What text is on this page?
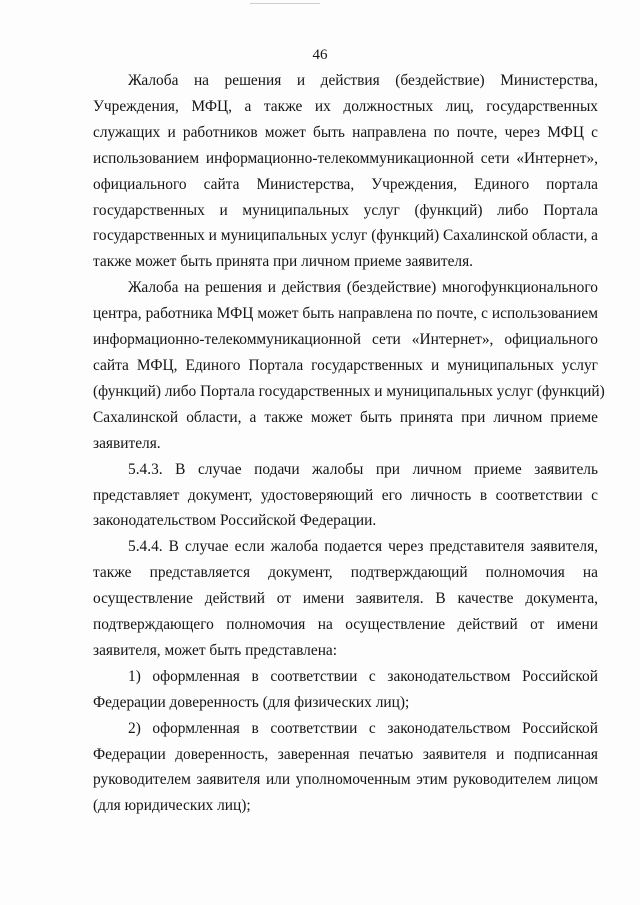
46
Жалоба на решения и действия (бездействие) Министерства,
Учреждения, МФЦ, а также их должностных лиц, государственных
служащих и работников может быть направлена по почте, через МФЦ с
использованием информационно-телекоммуникационной сети «Интернет»,
официального сайта Министерства, Учреждения, Единого портала
государственных и муниципальных услуг (функций) либо Портала
государственных и муниципальных услуг (функций) Сахалинской области, а
также может быть принята при личном приеме заявителя.
Жалоба на решения и действия (бездействие) многофункционального
центра, работника МФЦ может быть направлена по почте, с использованием
информационно-телекоммуникационной сети «Интернет», официального
сайта МФЦ, Единого Портала государственных и муниципальных услуг
(функций) либо Портала государственных и муниципальных услуг (функций)
Сахалинской области, а также может быть принята при личном приеме
заявителя.
5.4.3. В случае подачи жалобы при личном приеме заявитель
представляет документ, удостоверяющий его личность в соответствии с
законодательством Российской Федерации.
5.4.4. В случае если жалоба подается через представителя заявителя,
также представляется документ, подтверждающий полномочия на
осуществление действий от имени заявителя. В качестве документа,
подтверждающего полномочия на осуществление действий от имени
заявителя, может быть представлена:
1) оформленная в соответствии с законодательством Российской
Федерации доверенность (для физических лиц);
2) оформленная в соответствии с законодательством Российской
Федерации доверенность, заверенная печатью заявителя и подписанная
руководителем заявителя или уполномоченным этим руководителем лицом
(для юридических лиц);
